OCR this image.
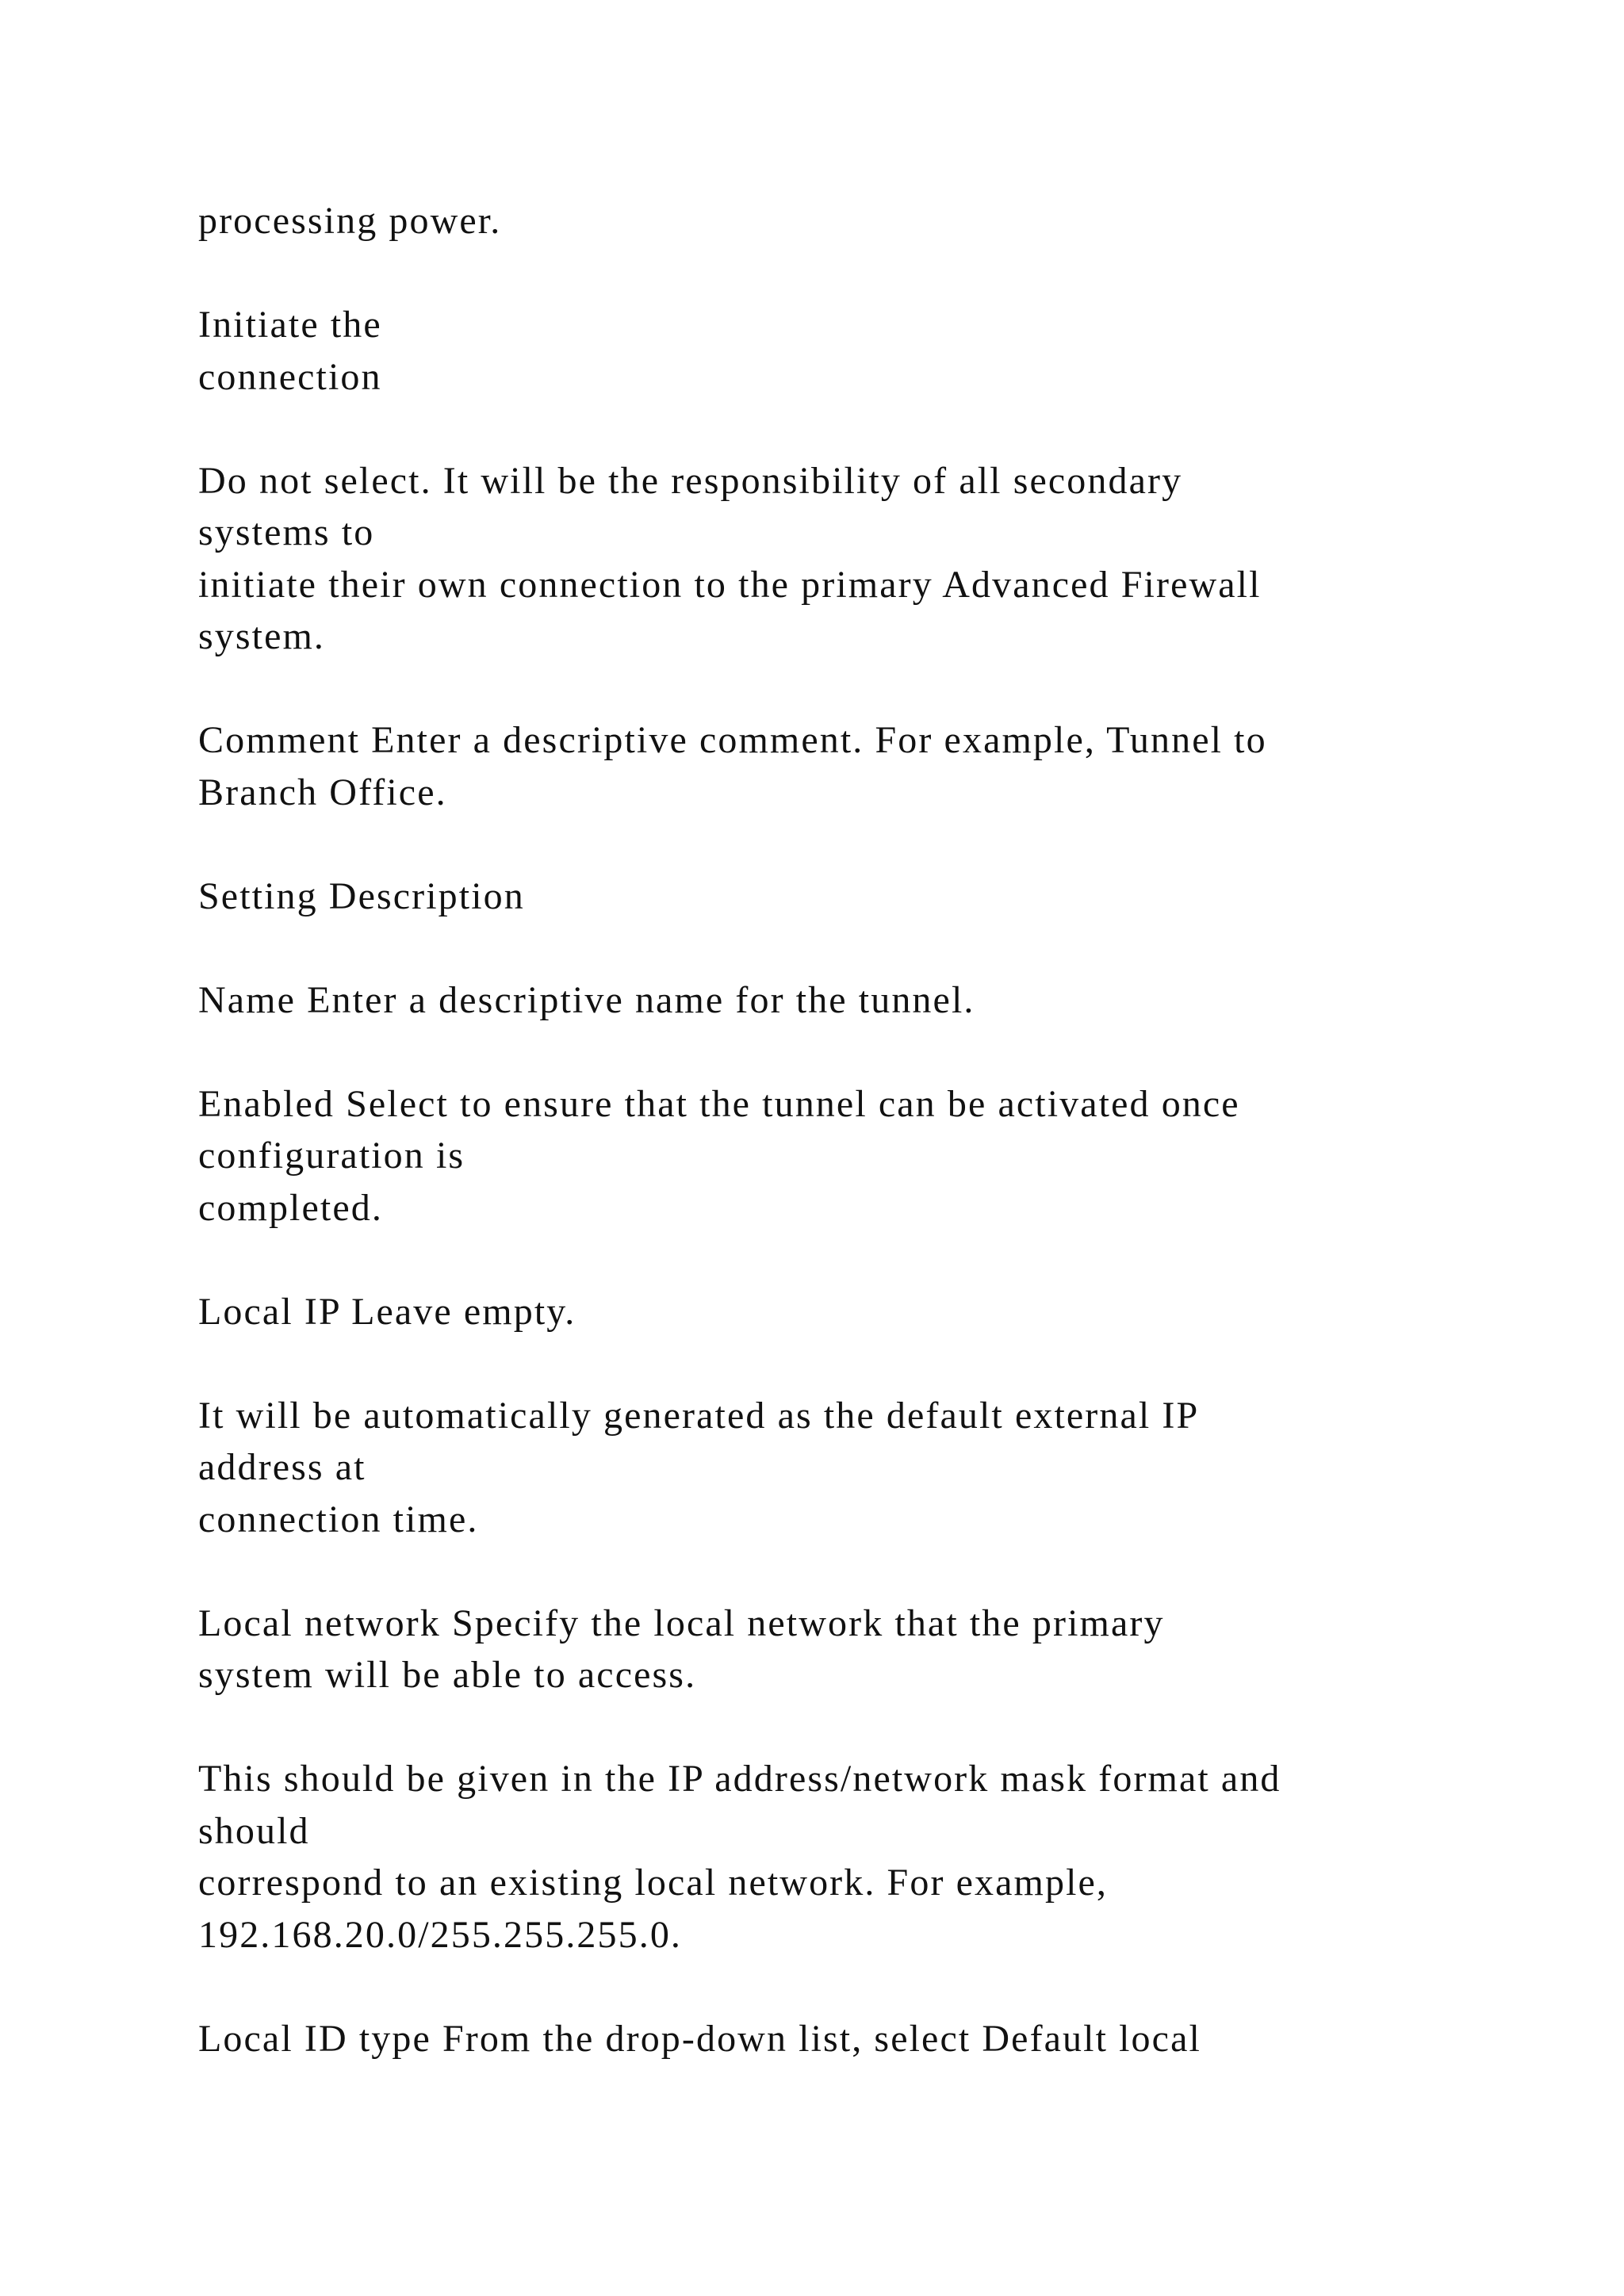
processing power.

Initiate the
connection

Do not select. It will be the responsibility of all secondary
systems to
initiate their own connection to the primary Advanced Firewall
system.

Comment Enter a descriptive comment. For example, Tunnel to
Branch Office.

Setting Description

Name Enter a descriptive name for the tunnel.

Enabled Select to ensure that the tunnel can be activated once
configuration is
completed.

Local IP Leave empty.

It will be automatically generated as the default external IP
address at
connection time.

Local network Specify the local network that the primary
system will be able to access.

This should be given in the IP address/network mask format and
should
correspond to an existing local network. For example,
192.168.20.0/255.255.255.0.

Local ID type From the drop-down list, select Default local
